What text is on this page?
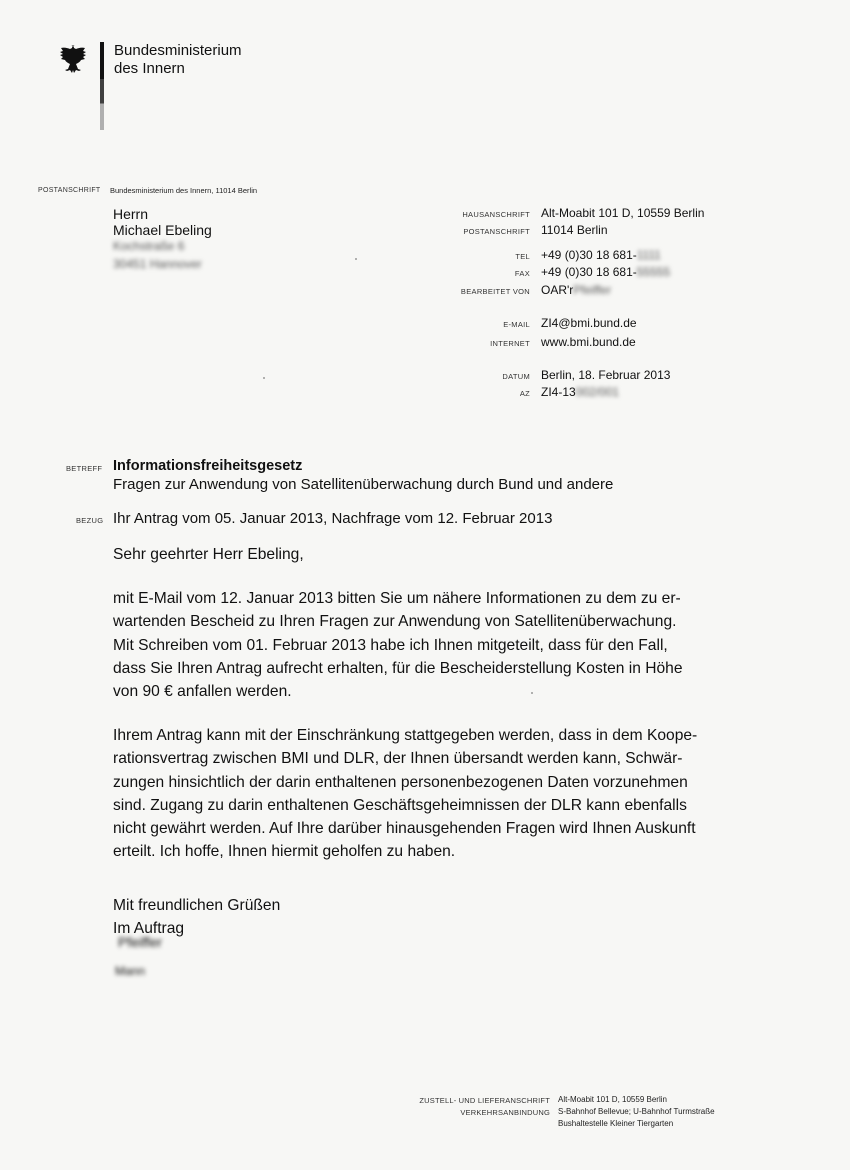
Bundesministerium
des Innern
POSTANSCHRIFT Bundesministerium des Innern, 11014 Berlin
Herrn
Michael Ebeling
Kochstraße 6
30451 Hannover
HAUSANSCHRIFT Alt-Moabit 101 D, 10559 Berlin
POSTANSCHRIFT 11014 Berlin
TEL +49 (0)30 18 681-1111
FAX +49 (0)30 18 681-55555
BEARBEITET VON OAR'rPfeiffer
E-MAIL ZI4@bmi.bund.de
INTERNET www.bmi.bund.de
DATUM Berlin, 18. Februar 2013
AZ ZI4-13002/001
BETREFF Informationsfreiheitsgesetz
Fragen zur Anwendung von Satellitenüberwachung durch Bund und andere
BEZUG Ihr Antrag vom 05. Januar 2013, Nachfrage vom 12. Februar 2013
Sehr geehrter Herr Ebeling,
mit E-Mail vom 12. Januar 2013 bitten Sie um nähere Informationen zu dem zu er-
wartenden Bescheid zu Ihren Fragen zur Anwendung von Satellitenüberwachung.
Mit Schreiben vom 01. Februar 2013 habe ich Ihnen mitgeteilt, dass für den Fall,
dass Sie Ihren Antrag aufrecht erhalten, für die Bescheiderstellung Kosten in Höhe
von 90 € anfallen werden.
Ihrem Antrag kann mit der Einschränkung stattgegeben werden, dass in dem Koope-
rationsvertrag zwischen BMI und DLR, der Ihnen übersandt werden kann, Schwär-
zungen hinsichtlich der darin enthaltenen personenbezogenen Daten vorzunehmen
sind. Zugang zu darin enthaltenen Geschäftsgeheimnissen der DLR kann ebenfalls
nicht gewährt werden. Auf Ihre darüber hinausgehenden Fragen wird Ihnen Auskunft
erteilt. Ich hoffe, Ihnen hiermit geholfen zu haben.
Mit freundlichen Grüßen
Im Auftrag
Pfeiffer
Mann
ZUSTELL- UND LIEFERANSCHRIFT Alt-Moabit 101 D, 10559 Berlin
VERKEHRSANBINDUNG S-Bahnhof Bellevue; U-Bahnhof Turmstraße
Bushaltestelle Kleiner Tiergarten
